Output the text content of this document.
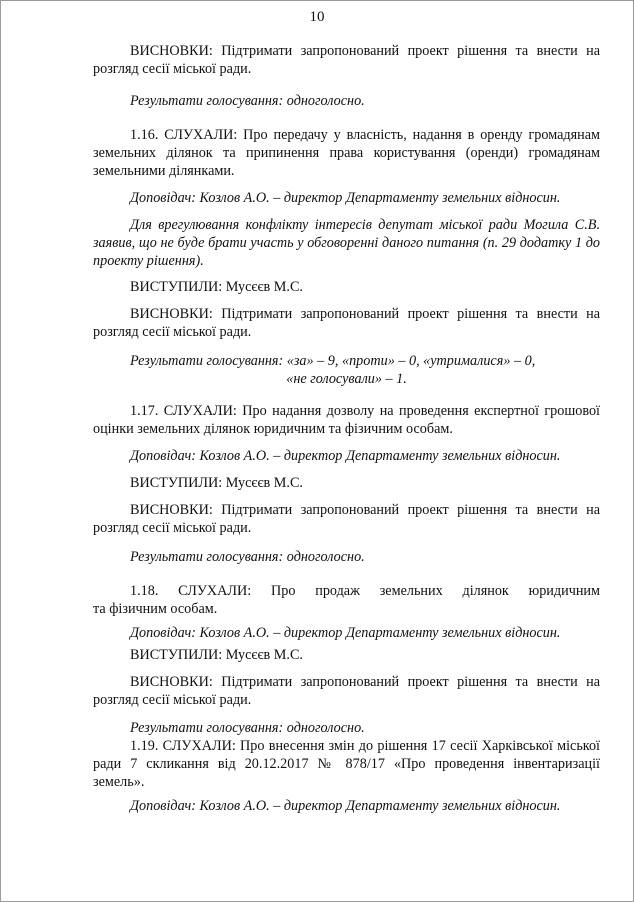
10

ВИСНОВКИ: Підтримати запропонований проект рішення та внести на розгляд сесії міської ради.

Результати голосування: одноголосно.

1.16. СЛУХАЛИ: Про передачу у власність, надання в оренду громадянам земельних ділянок та припинення права користування (оренди) громадянам земельними ділянками.

Доповідач: Козлов А.О. – директор Департаменту земельних відносин.

Для врегулювання конфлікту інтересів депутат міської ради Могила С.В. заявив, що не буде брати участь у обговоренні даного питання (п. 29 додатку 1 до проекту рішення).

ВИСТУПИЛИ: Мусєєв М.С.

ВИСНОВКИ: Підтримати запропонований проект рішення та внести на розгляд сесії міської ради.

Результати голосування: «за» – 9, «проти» – 0, «утрималися» – 0,

«не голосували» – 1.

1.17. СЛУХАЛИ: Про надання дозволу на проведення експертної грошової оцінки земельних ділянок юридичним та фізичним особам.

Доповідач: Козлов А.О. – директор Департаменту земельних відносин.

ВИСТУПИЛИ: Мусєєв М.С.

ВИСНОВКИ: Підтримати запропонований проект рішення та внести на розгляд сесії міської ради.

Результати голосування: одноголосно.

1.18. СЛУХАЛИ: Про продаж земельних ділянок юридичним

та фізичним особам.

Доповідач: Козлов А.О. – директор Департаменту земельних відносин.

ВИСТУПИЛИ: Мусєєв М.С.

ВИСНОВКИ: Підтримати запропонований проект рішення та внести на розгляд сесії міської ради.

Результати голосування: одноголосно.

1.19. СЛУХАЛИ: Про внесення змін до рішення 17 сесії Харківської міської ради 7 скликання від 20.12.2017 № 878/17 «Про проведення інвентаризації земель».

Доповідач: Козлов А.О. – директор Департаменту земельних відносин.
